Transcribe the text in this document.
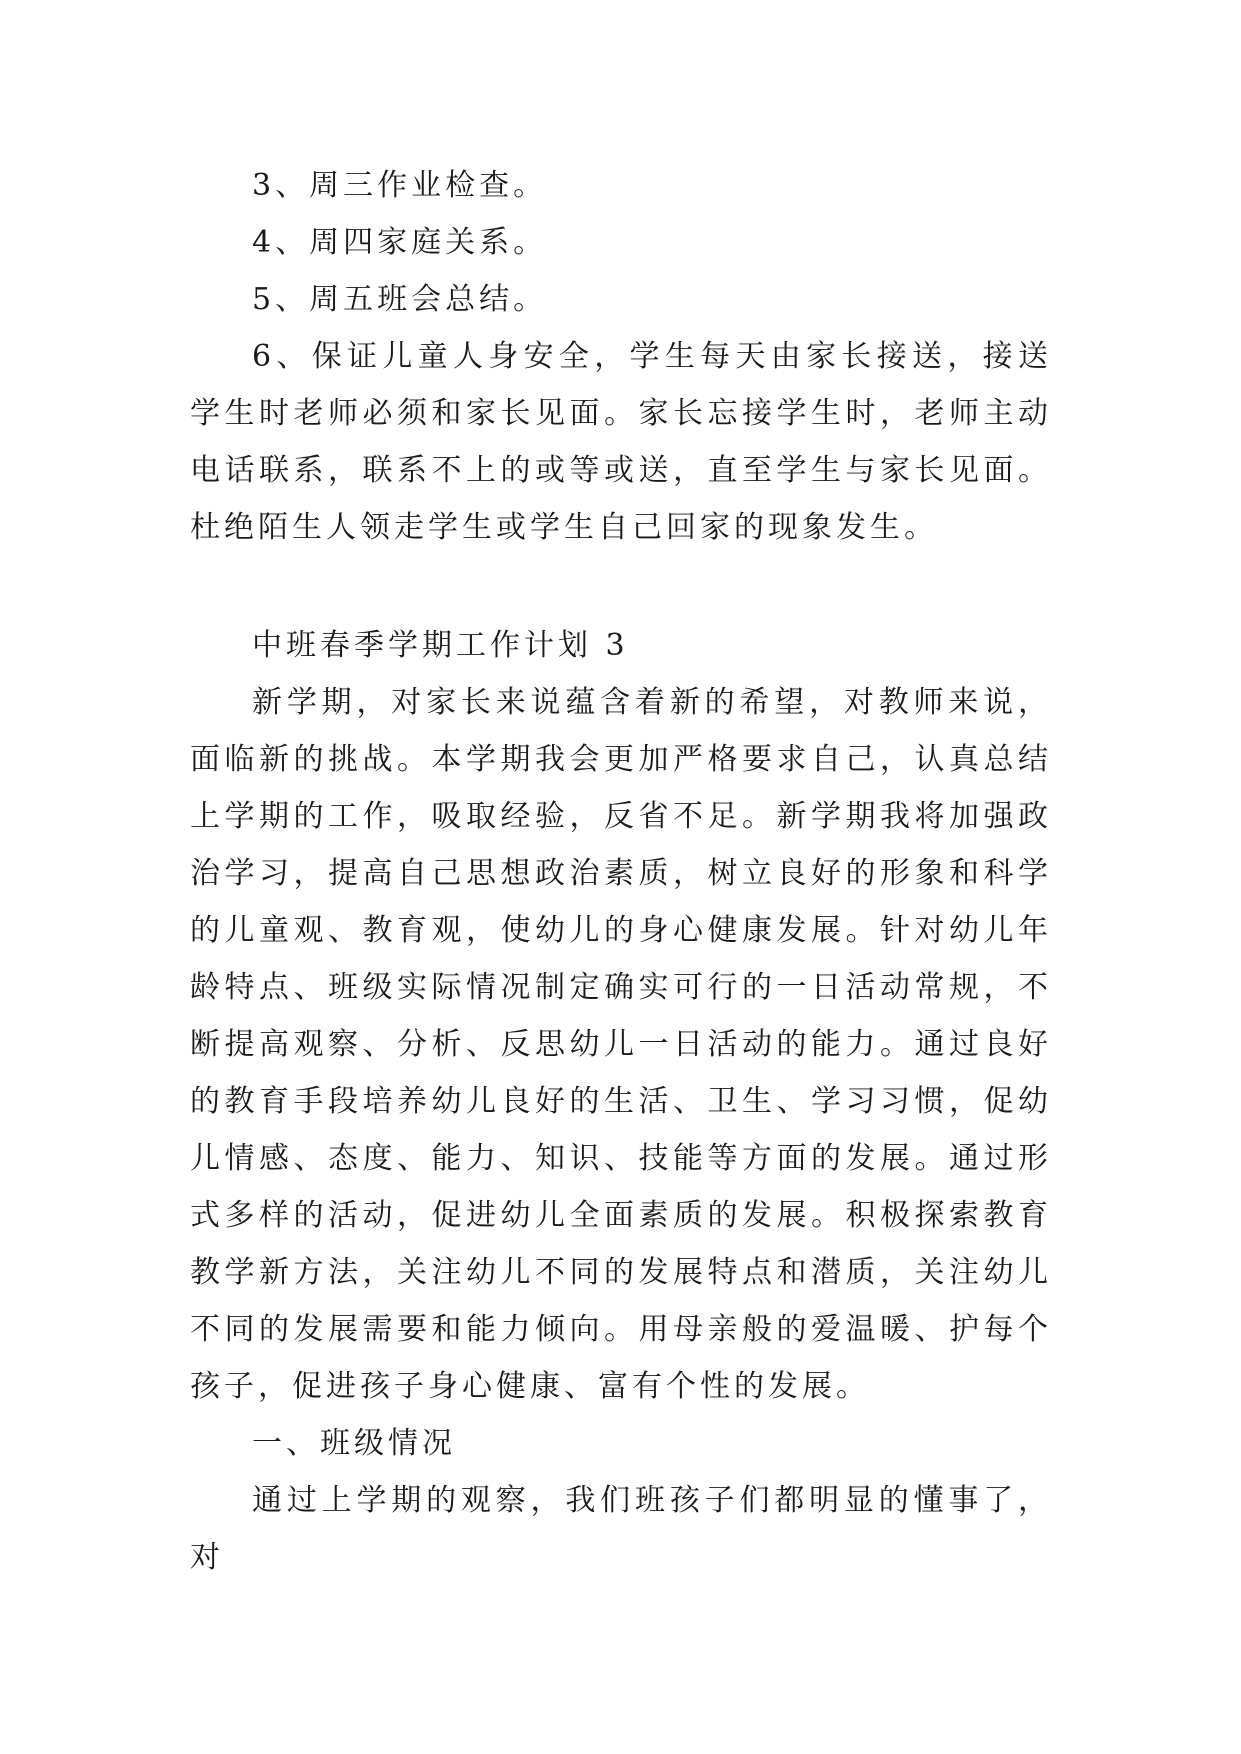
3、周三作业检查。

4、周四家庭关系。

5、周五班会总结。

6、保证儿童人身安全，学生每天由家长接送，接送学生时老师必须和家长见面。家长忘接学生时，老师主动电话联系，联系不上的或等或送，直至学生与家长见面。杜绝陌生人领走学生或学生自己回家的现象发生。

中班春季学期工作计划 3

新学期，对家长来说蕴含着新的希望，对教师来说，面临新的挑战。本学期我会更加严格要求自己，认真总结上学期的工作，吸取经验，反省不足。新学期我将加强政治学习，提高自己思想政治素质，树立良好的形象和科学的儿童观、教育观，使幼儿的身心健康发展。针对幼儿年龄特点、班级实际情况制定确实可行的一日活动常规，不断提高观察、分析、反思幼儿一日活动的能力。通过良好的教育手段培养幼儿良好的生活、卫生、学习习惯，促幼儿情感、态度、能力、知识、技能等方面的发展。通过形式多样的活动，促进幼儿全面素质的发展。积极探索教育教学新方法，关注幼儿不同的发展特点和潜质，关注幼儿不同的发展需要和能力倾向。用母亲般的爱温暖、护每个孩子，促进孩子身心健康、富有个性的发展。

一、班级情况

通过上学期的观察，我们班孩子们都明显的懂事了，对
